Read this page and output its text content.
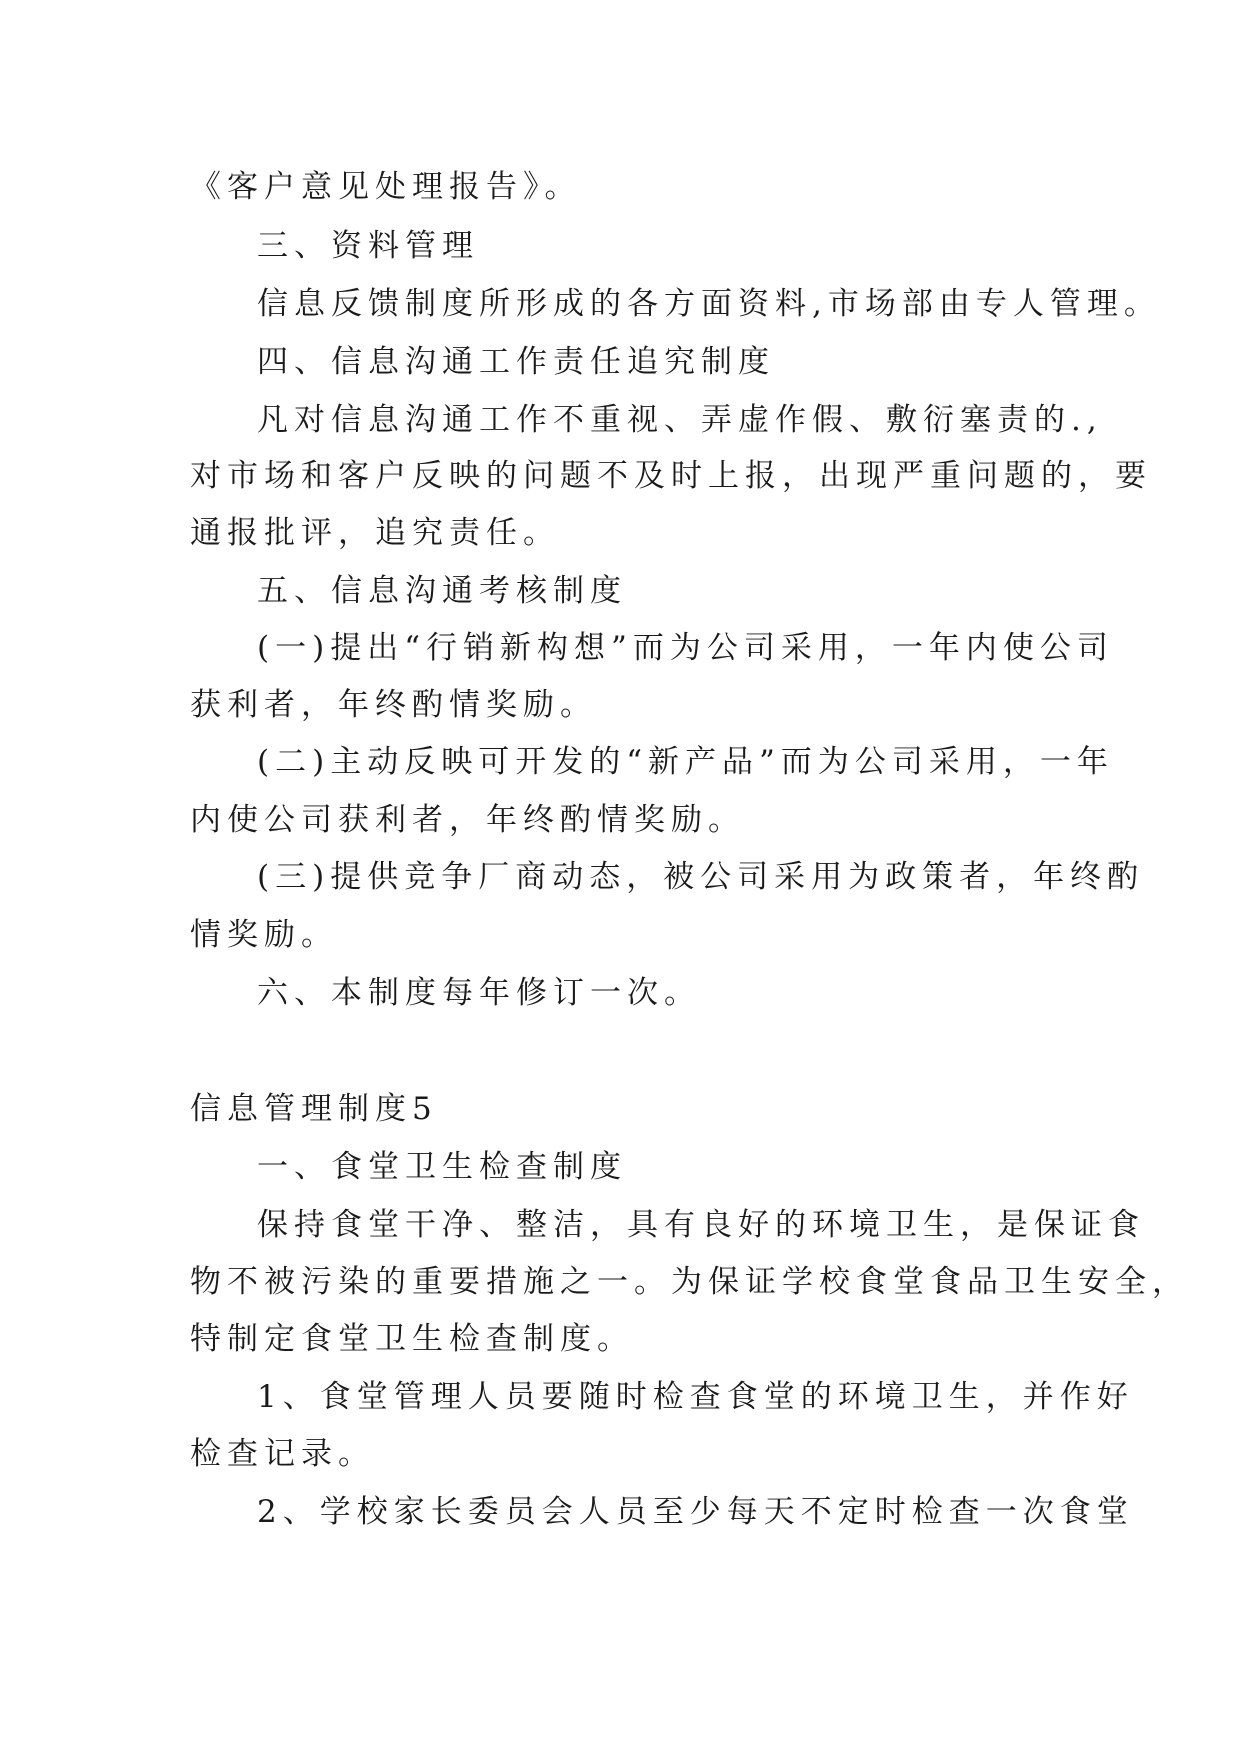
《客户意见处理报告》。
三、资料管理
信息反馈制度所形成的各方面资料,市场部由专人管理。
四、信息沟通工作责任追究制度
凡对信息沟通工作不重视、弄虚作假、敷衍塞责的.,
对市场和客户反映的问题不及时上报，出现严重问题的，要
通报批评，追究责任。
五、信息沟通考核制度
(一)提出“行销新构想”而为公司采用，一年内使公司
获利者，年终酌情奖励。
(二)主动反映可开发的“新产品”而为公司采用，一年
内使公司获利者，年终酌情奖励。
(三)提供竞争厂商动态，被公司采用为政策者，年终酌
情奖励。
六、本制度每年修订一次。
信息管理制度5
一、食堂卫生检查制度
保持食堂干净、整洁，具有良好的环境卫生，是保证食
物不被污染的重要措施之一。为保证学校食堂食品卫生安全，
特制定食堂卫生检查制度。
1、食堂管理人员要随时检查食堂的环境卫生，并作好
检查记录。
2、学校家长委员会人员至少每天不定时检查一次食堂
